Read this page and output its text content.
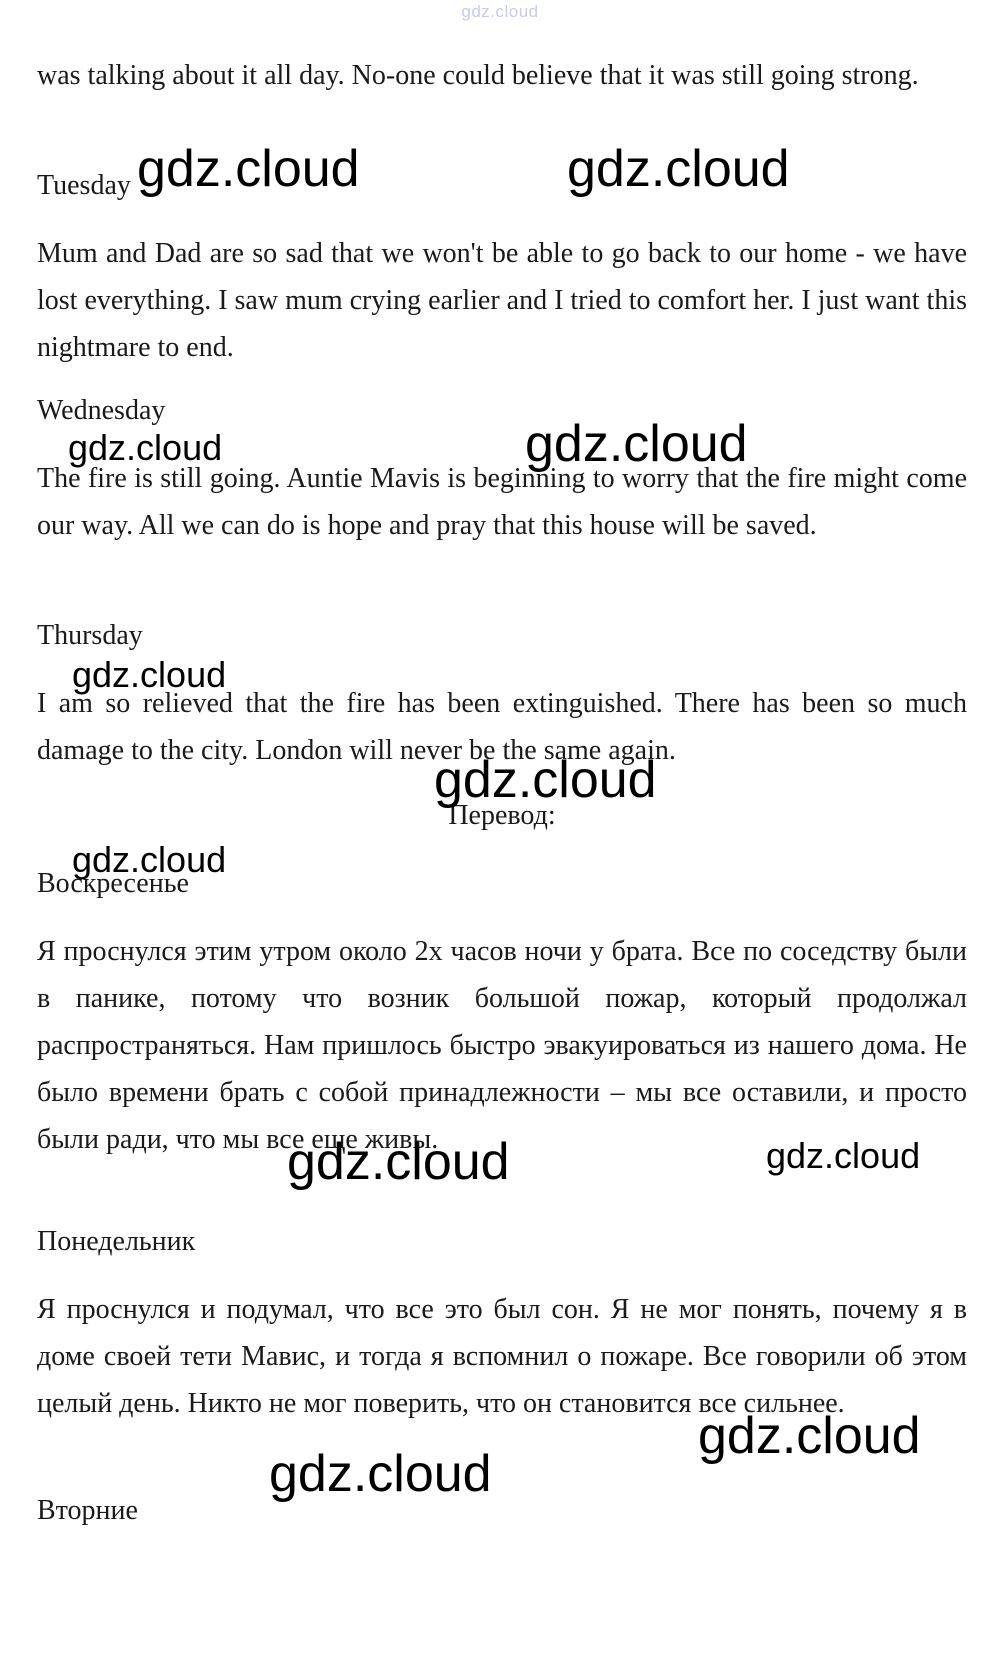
gdz.cloud

was talking about it all day. No-one could believe that it was still going strong.

Tuesday

Mum and Dad are so sad that we won't be able to go back to our home - we have lost everything. I saw mum crying earlier and I tried to comfort her. I just want this nightmare to end.

Wednesday

The fire is still going. Auntie Mavis is beginning to worry that the fire might come our way. All we can do is hope and pray that this house will be saved.

Thursday

I am so relieved that the fire has been extinguished. There has been so much damage to the city. London will never be the same again.

Перевод:

Воскресенье

Я проснулся этим утром около 2х часов ночи у брата. Все по соседству были в панике, потому что возник большой пожар, который продолжал распространяться. Нам пришлось быстро эвакуироваться из нашего дома. Не было времени брать с собой принадлежности – мы все оставили, и просто были ради, что мы все еще живы.

Понедельник

Я проснулся и подумал, что все это был сон. Я не мог понять, почему я в доме своей тети Мавис, и тогда я вспомнил о пожаре. Все говорили об этом целый день. Никто не мог поверить, что он становится все сильнее.

Вторние

gdz.cloud	gdz.cloud
gdz.cloud	gdz.cloud
gdz.cloud
gdz.cloud
gdz.cloud
gdz.cloud	gdz.cloud
gdz.cloud
gdz.cloud
